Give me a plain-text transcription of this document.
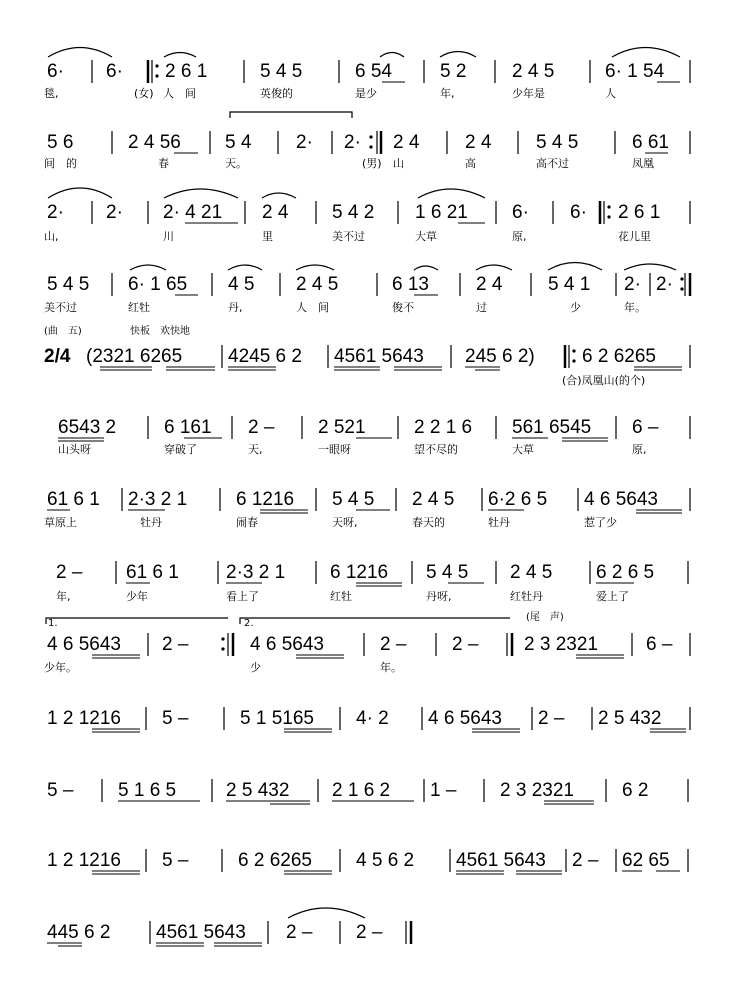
6·
毯,
6·
(女)
2 6 1
人　间
5 4 5
英俊的
6 54
是少
5 2
年,
2 4 5
少年是
6· 1 54
人
5 6
间　的
2 4 56
春
5 4
天。
2· 2·
(男)
2 4
山
2 4
高
5 4 5
高不过
6 61
凤凰
2·
山,
2· 2· 4 21
川
2 4
里
5 4 2
美不过
1 6 21
大草
6·
原,
6· 2 6 1
花儿里
5 4 5
美不过
6· 1 65
红牡
4 5
丹,
2 4 5
人　间
6 13
俊不
2 4
过
5 4 1
少
2·
年。
2·
(曲　五)	快板　欢快地
2/4 (2321 6265 4245 6 2 4561 5643 245 6 2) 6 2 6265
(合)凤凰山(的个)
6543 2
山头呀
6 161
穿破了
2 –
天,
2 521
一眼呀
2 2 1 6
望不尽的
561 6545
大草
6 –
原,
61 6 1
草原上
2·3 2 1
牡丹
6 1216
闹春
5 4 5
天呀,
2 4 5
春天的
6·2 6 5
牡丹
4 6 5643
惹了少
2 –
年,
61 6 1
少年
2·3 2 1
看上了
6 1216
红牡
5 4 5
丹呀,
2 4 5
红牡丹
6 2 6 5
爱上了
1.	2.
(尾　声)
4 6 5643
少年。
2 –	4 6 5643
少
2 –
年。
2 – 2 3 2321	6 –
1 2 1216 5 –	5 1 5165 4· 2 4 6 5643 2 – 2 5 432
5 – 5 1 6 5	2 5 432 2 1 6 2 1 – 2 3 2321	6 2
1 2 1216 5 –	6 2 6265 4 5 6 2 4561 5643 2 – 62 65
445 6 2 4561 5643 2 – 2 –
